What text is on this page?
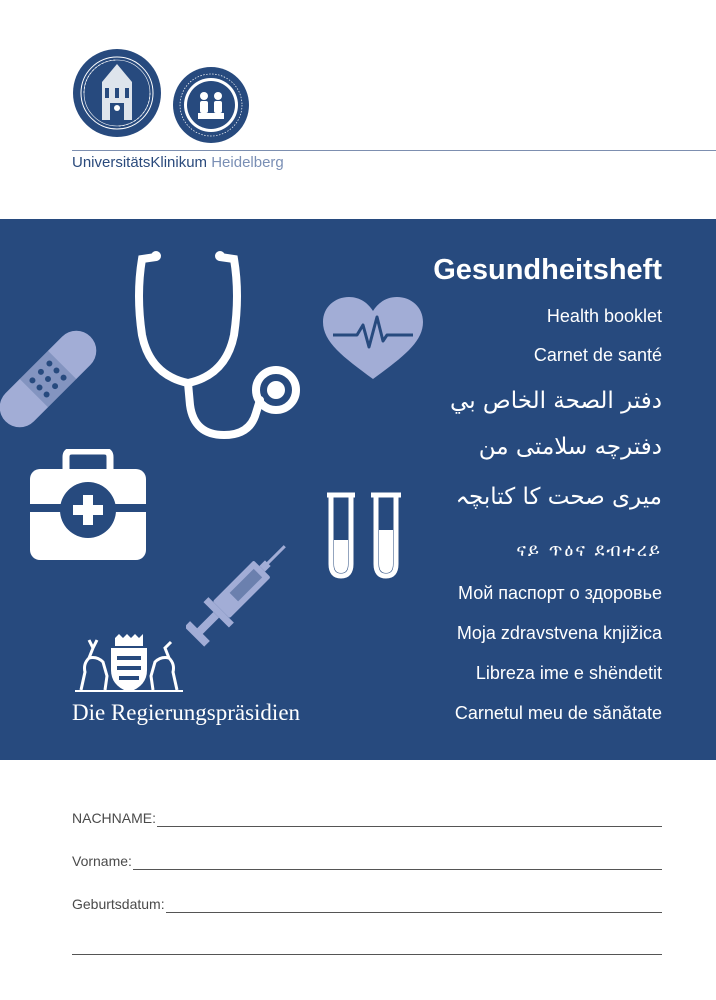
UniversitätsKlinikum Heidelberg
Die Regierungspräsidien
Gesundheitsheft
Health booklet
Carnet de santé
دفتر الصحة الخاص بي
دفترچه سلامتی من
میری صحت کا کتابچہ
ናይ ጥዕና ደብተረይ
Мой паспорт о здоровье
Moja zdravstvena knjižica
Libreza ime e shëndetit
Carnetul meu de sănătate
NACHNAME:
Vorname:
Geburtsdatum:
